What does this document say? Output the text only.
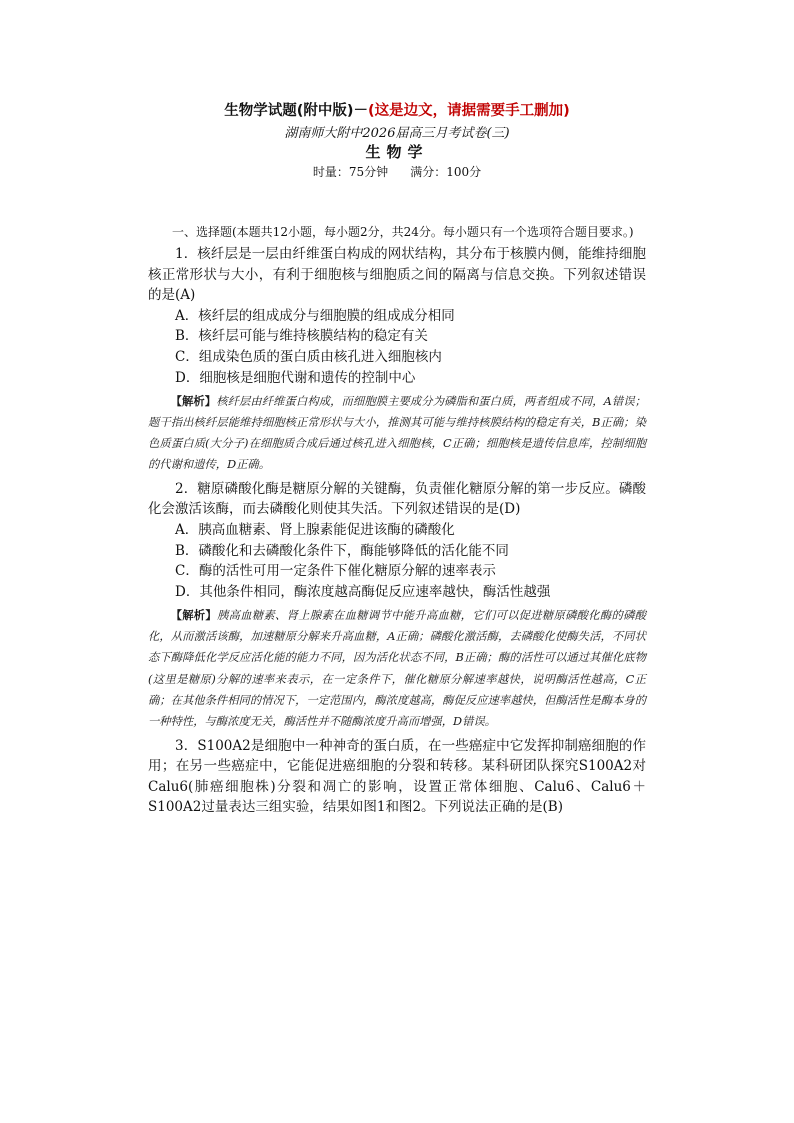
生物学试题(附中版)－(这是边文，请据需要手工删加)
湖南师大附中2026届高三月考试卷(三)
生物学
时量：75分钟 满分：100分

一、选择题(本题共12小题，每小题2分，共24分。每小题只有一个选项符合题目要求。)

1．核纤层是一层由纤维蛋白构成的网状结构，其分布于核膜内侧，能维持细胞核正常形状与大小，有利于细胞核与细胞质之间的隔离与信息交换。下列叙述错误的是(A)

A．核纤层的组成成分与细胞膜的组成成分相同

B．核纤层可能与维持核膜结构的稳定有关

C．组成染色质的蛋白质由核孔进入细胞核内

D．细胞核是细胞代谢和遗传的控制中心

【解析】核纤层由纤维蛋白构成，而细胞膜主要成分为磷脂和蛋白质，两者组成不同，A错误；题干指出核纤层能维持细胞核正常形状与大小，推测其可能与维持核膜结构的稳定有关，B正确；染色质蛋白质(大分子)在细胞质合成后通过核孔进入细胞核，C正确；细胞核是遗传信息库，控制细胞的代谢和遗传，D正确。

2．糖原磷酸化酶是糖原分解的关键酶，负责催化糖原分解的第一步反应。磷酸化会激活该酶，而去磷酸化则使其失活。下列叙述错误的是(D)

A．胰高血糖素、肾上腺素能促进该酶的磷酸化

B．磷酸化和去磷酸化条件下，酶能够降低的活化能不同

C．酶的活性可用一定条件下催化糖原分解的速率表示

D．其他条件相同，酶浓度越高酶促反应速率越快，酶活性越强

【解析】胰高血糖素、肾上腺素在血糖调节中能升高血糖，它们可以促进糖原磷酸化酶的磷酸化，从而激活该酶，加速糖原分解来升高血糖，A正确；磷酸化激活酶，去磷酸化使酶失活，不同状态下酶降低化学反应活化能的能力不同，因为活化状态不同，B正确；酶的活性可以通过其催化底物(这里是糖原)分解的速率来表示，在一定条件下，催化糖原分解速率越快，说明酶活性越高，C正确；在其他条件相同的情况下，一定范围内，酶浓度越高，酶促反应速率越快，但酶活性是酶本身的一种特性，与酶浓度无关，酶活性并不随酶浓度升高而增强，D错误。

3．S100A2是细胞中一种神奇的蛋白质，在一些癌症中它发挥抑制癌细胞的作用；在另一些癌症中，它能促进癌细胞的分裂和转移。某科研团队探究S100A2对Calu6(肺癌细胞株)分裂和凋亡的影响，设置正常体细胞、Calu6、Calu6＋S100A2过量表达三组实验，结果如图1和图2。下列说法正确的是(B)
